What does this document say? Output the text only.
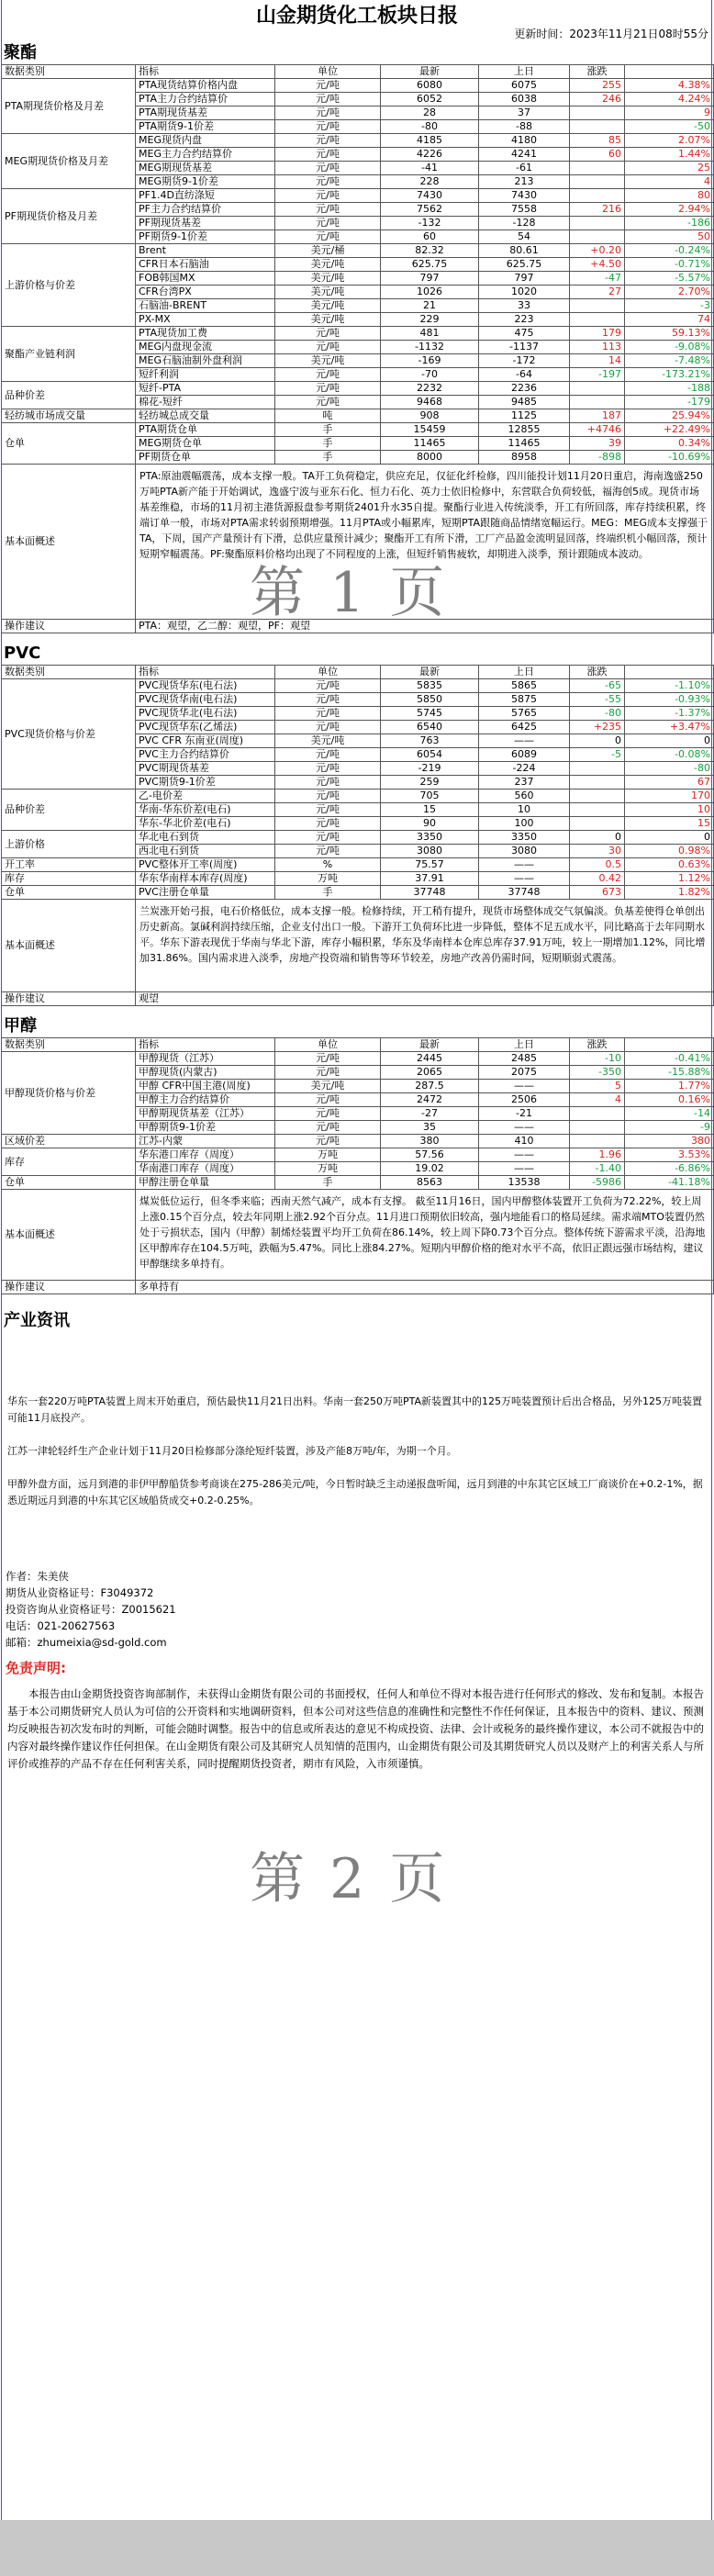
山金期货化工板块日报
更新时间：2023年11月21日08时55分
聚酯
数据类别	指标	单位	最新	上日	涨跌	
PTA期现货价格及月差	PTA现货结算价格内盘	元/吨	6080	6075	255	4.38%
	PTA主力合约结算价	元/吨	6052	6038	246	4.24%
	PTA期现货基差	元/吨	28	37		9
	PTA期货9-1价差	元/吨	-80	-88		-50
MEG期现货价格及月差	MEG现货内盘	元/吨	4185	4180	85	2.07%
	MEG主力合约结算价	元/吨	4226	4241	60	1.44%
	MEG期现货基差	元/吨	-41	-61		25
	MEG期货9-1价差	元/吨	228	213		4
PF期现货价格及月差	PF1.4D直纺涤短	元/吨	7430	7430		80
	PF主力合约结算价	元/吨	7562	7558	216	2.94%
	PF期现货基差	元/吨	-132	-128		-186
	PF期货9-1价差	元/吨	60	54		50
上游价格与价差	Brent	美元/桶	82.32	80.61	+0.20	-0.24%
	CFR日本石脑油	美元/吨	625.75	625.75	+4.50	-0.71%
	FOB韩国MX	美元/吨	797	797	-47	-5.57%
	CFR台湾PX	美元/吨	1026	1020	27	2.70%
	石脑油-BRENT	美元/吨	21	33		-3
	PX-MX	美元/吨	229	223		74
聚酯产业链利润	PTA现货加工费	元/吨	481	475	179	59.13%
	MEG内盘现金流	元/吨	-1132	-1137	113	-9.08%
	MEG石脑油制外盘利润	美元/吨	-169	-172	14	-7.48%
	短纤利润	元/吨	-70	-64	-197	-173.21%
品种价差	短纤-PTA	元/吨	2232	2236		-188
	棉花-短纤	元/吨	9468	9485		-179
轻纺城市场成交量	轻纺城总成交量	吨	908	1125	187	25.94%
仓单	PTA期货仓单	手	15459	12855	+4746	+22.49%
	MEG期货仓单	手	11465	11465	39	0.34%
	PF期货仓单	手	8000	8958	-898	-10.69%
基本面概述	PTA:原油震幅震荡，成本支撑一般。TA开工负荷稳定，供应充足，仅征化纤检修，四川能投计划11月20日重启，海南逸盛250万吨PTA新产能于开始调试，逸盛宁波与亚东石化、恒力石化、英力士依旧检修中，东营联合负荷较低，福海创5成。现货市场基差维稳，市场的11月初主港货源报盘参考期货2401升水35自提。聚酯行业进入传统淡季，开工有所回落，库存持续积累，终端订单一般，市场对PTA需求转弱预期增强。11月PTA或小幅累库，短期PTA跟随商品情绪宽幅运行。MEG：MEG成本支撑强于TA，下周，国产产量预计有下滑，总供应量预计减少；聚酯开工有所下滑，工厂产品盈金流明显回落，终端织机小幅回落，预计短期窄幅震荡。PF:聚酯原料价格均出现了不同程度的上涨，但短纤销售疲软，却期进入淡季，预计跟随成本波动。					
操作建议	PTA：观望，乙二醇：观望，PF：观望					
PVC
数据类别	指标	单位	最新	上日	涨跌	
PVC现货价格与价差	PVC现货华东(电石法)	元/吨	5835	5865	-65	-1.10%
	PVC现货华南(电石法)	元/吨	5850	5875	-55	-0.93%
	PVC现货华北(电石法)	元/吨	5745	5765	-80	-1.37%
	PVC现货华东(乙烯法)	元/吨	6540	6425	+235	+3.47%
	PVC CFR 东南亚(周度)	美元/吨	763	——	0	0
	PVC主力合约结算价	元/吨	6054	6089	-5	-0.08%
	PVC期现货基差	元/吨	-219	-224		-80
	PVC期货9-1价差	元/吨	259	237		67
品种价差	乙-电价差	元/吨	705	560		170
	华南-华东价差(电石)	元/吨	15	10		10
	华东-华北价差(电石)	元/吨	90	100		15
上游价格	华北电石到货	元/吨	3350	3350	0	0
	西北电石到货	元/吨	3080	3080	30	0.98%
开工率	PVC整体开工率(周度)	%	75.57	——	0.5	0.63%
库存	华东华南样本库存(周度)	万吨	37.91	——	0.42	1.12%
仓单	PVC注册仓单量	手	37748	37748	673	1.82%
基本面概述	兰炭涨开始弓报，电石价格低位，成本支撑一般。检修持续，开工稍有提升，现货市场整体成交气氛偏淡。负基差使得仓单创出历史新高。氯碱利润持续压缩，企业支付出口一般。下游开工负荷环比进一步降低，整体不足五成水平，同比略高于去年同期水平。华东下游表现优于华南与华北下游，库存小幅积累，华东及华南样本仓库总库存37.91万吨，较上一期增加1.12%，同比增加31.86%。国内需求进入淡季，房地产投资端和销售等环节较差，房地产改善仍需时间，短期顺弱式震荡。					
操作建议	观望					
甲醇
数据类别	指标	单位	最新	上日	涨跌	
甲醇现货价格与价差	甲醇现货（江苏）	元/吨	2445	2485	-10	-0.41%
	甲醇现货(内蒙古)	元/吨	2065	2075	-350	-15.88%
	甲醇 CFR中国主港(周度)	美元/吨	287.5	——	5	1.77%
	甲醇主力合约结算价	元/吨	2472	2506	4	0.16%
	甲醇期现货基差（江苏）	元/吨	-27	-21		-14
	甲醇期货9-1价差	元/吨	35	——		-9
区域价差	江苏-内蒙	元/吨	380	410		380
库存	华东港口库存（周度）	万吨	57.56	——	1.96	3.53%
	华南港口库存（周度）	万吨	19.02	——	-1.40	-6.86%
仓单	甲醇注册仓单量	手	8563	13538	-5986	-41.18%
基本面概述	煤炭低位运行，但冬季来临；西南天然气减产，成本有支撑。 截至11月16日，国内甲醇整体装置开工负荷为72.22%，较上周上涨0.15个百分点，较去年同期上涨2.92个百分点。11月进口预期依旧较高，强内地能看口的格局延续。需求端MTO装置仍然处于亏损状态，国内（甲醇）制烯烃装置平均开工负荷在86.14%，较上周下降0.73个百分点。整体传统下游需求平淡，沿海地区甲醇库存在104.5万吨，跌幅为5.47%。同比上涨84.27%。短期内甲醇价格的绝对水平不高，依旧正跟远强市场结构，建议甲醇继续多单持有。					
操作建议	多单持有					
产业资讯
华东一套220万吨PTA装置上周末开始重启，预估最快11月21日出料。华南一套250万吨PTA新装置其中的125万吨装置预计后出合格品，另外125万吨装置可能11月底投产。
江苏一津轮轻纤生产企业计划于11月20日检修部分涤纶短纤装置，涉及产能8万吨/年，为期一个月。
甲醇外盘方面，远月到港的非伊甲醇船货参考商谈在275-286美元/吨，今日暂时缺乏主动递报盘听闻，远月到港的中东其它区域工厂商谈价在+0.2-1%，据悉近期远月到港的中东其它区域船货成交+0.2-0.25%。
作者：朱美侠
期货从业资格证号：F3049372
投资咨询从业资格证号：Z0015621
电话：021-20627563
邮箱：zhumeixia@sd-gold.com
免责声明:
本报告由山金期货投资咨询部制作，未获得山金期货有限公司的书面授权，任何人和单位不得对本报告进行任何形式的修改、发布和复制。本报告基于本公司期货研究人员认为可信的公开资料和实地调研资料，但本公司对这些信息的准确性和完整性不作任何保证，且本报告中的资料、建议、预测均反映报告初次发布时的判断，可能会随时调整。报告中的信息或所表达的意见不构成投资、法律、会计或税务的最终操作建议，本公司不就报告中的内容对最终操作建议作任何担保。在山金期货有限公司及其研究人员知情的范围内，山金期货有限公司及其期货研究人员以及财产上的利害关系人与所评价或推荐的产品不存在任何利害关系，同时提醒期货投资者，期市有风险，入市须谨慎。
第 1 页
第 2 页
